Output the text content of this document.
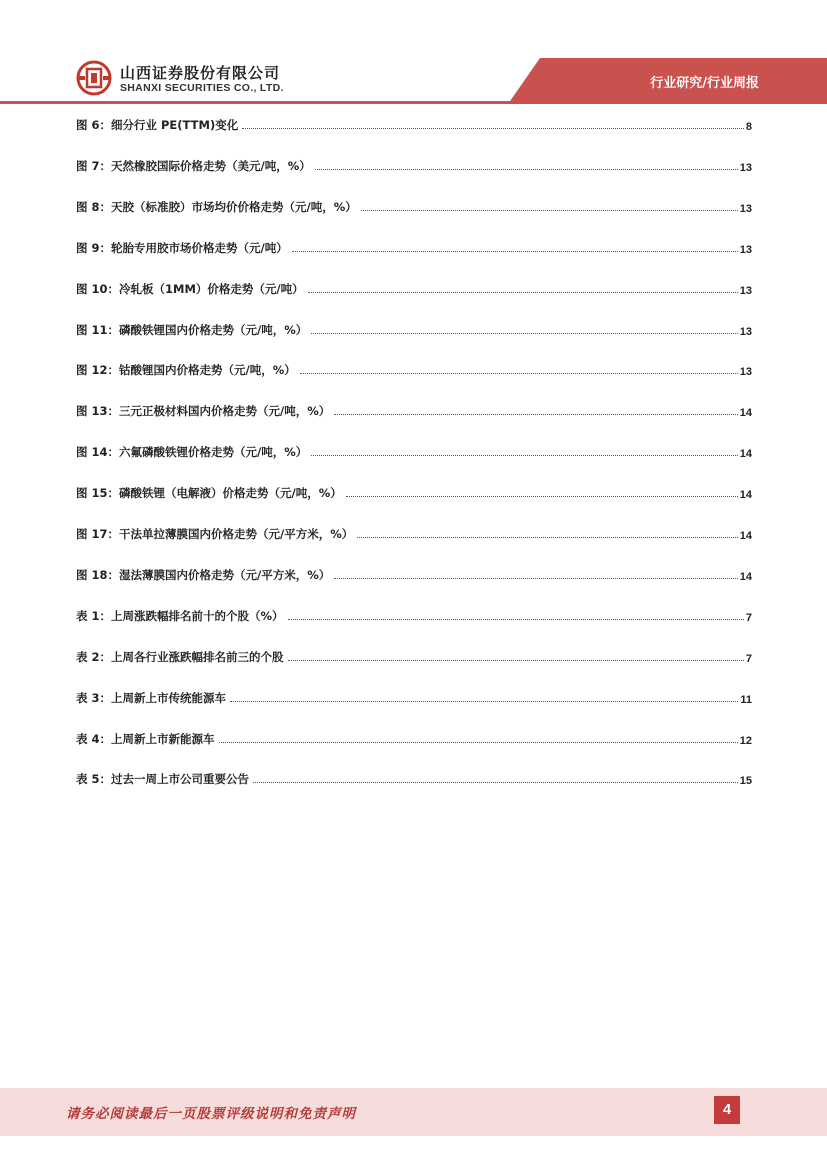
山西证券股份有限公司
SHANXI SECURITIES CO., LTD.	行业研究/行业周报
图 6：细分行业 PE(TTM)变化	8
图 7：天然橡胶国际价格走势（美元/吨，%）	13
图 8：天胶（标准胶）市场均价价格走势（元/吨，%）	13
图 9：轮胎专用胶市场价格走势（元/吨）	13
图 10：冷轧板（1MM）价格走势（元/吨）	13
图 11：磷酸铁锂国内价格走势（元/吨，%）	13
图 12：钴酸锂国内价格走势（元/吨，%）	13
图 13：三元正极材料国内价格走势（元/吨，%）	14
图 14：六氟磷酸铁锂价格走势（元/吨，%）	14
图 15：磷酸铁锂（电解液）价格走势（元/吨，%）	14
图 17：干法单拉薄膜国内价格走势（元/平方米，%）	14
图 18：湿法薄膜国内价格走势（元/平方米，%）	14
表 1：上周涨跌幅排名前十的个股（%）	7
表 2：上周各行业涨跌幅排名前三的个股	7
表 3：上周新上市传统能源车	11
表 4：上周新上市新能源车	12
表 5：过去一周上市公司重要公告	15
请务必阅读最后一页股票评级说明和免责声明	4
